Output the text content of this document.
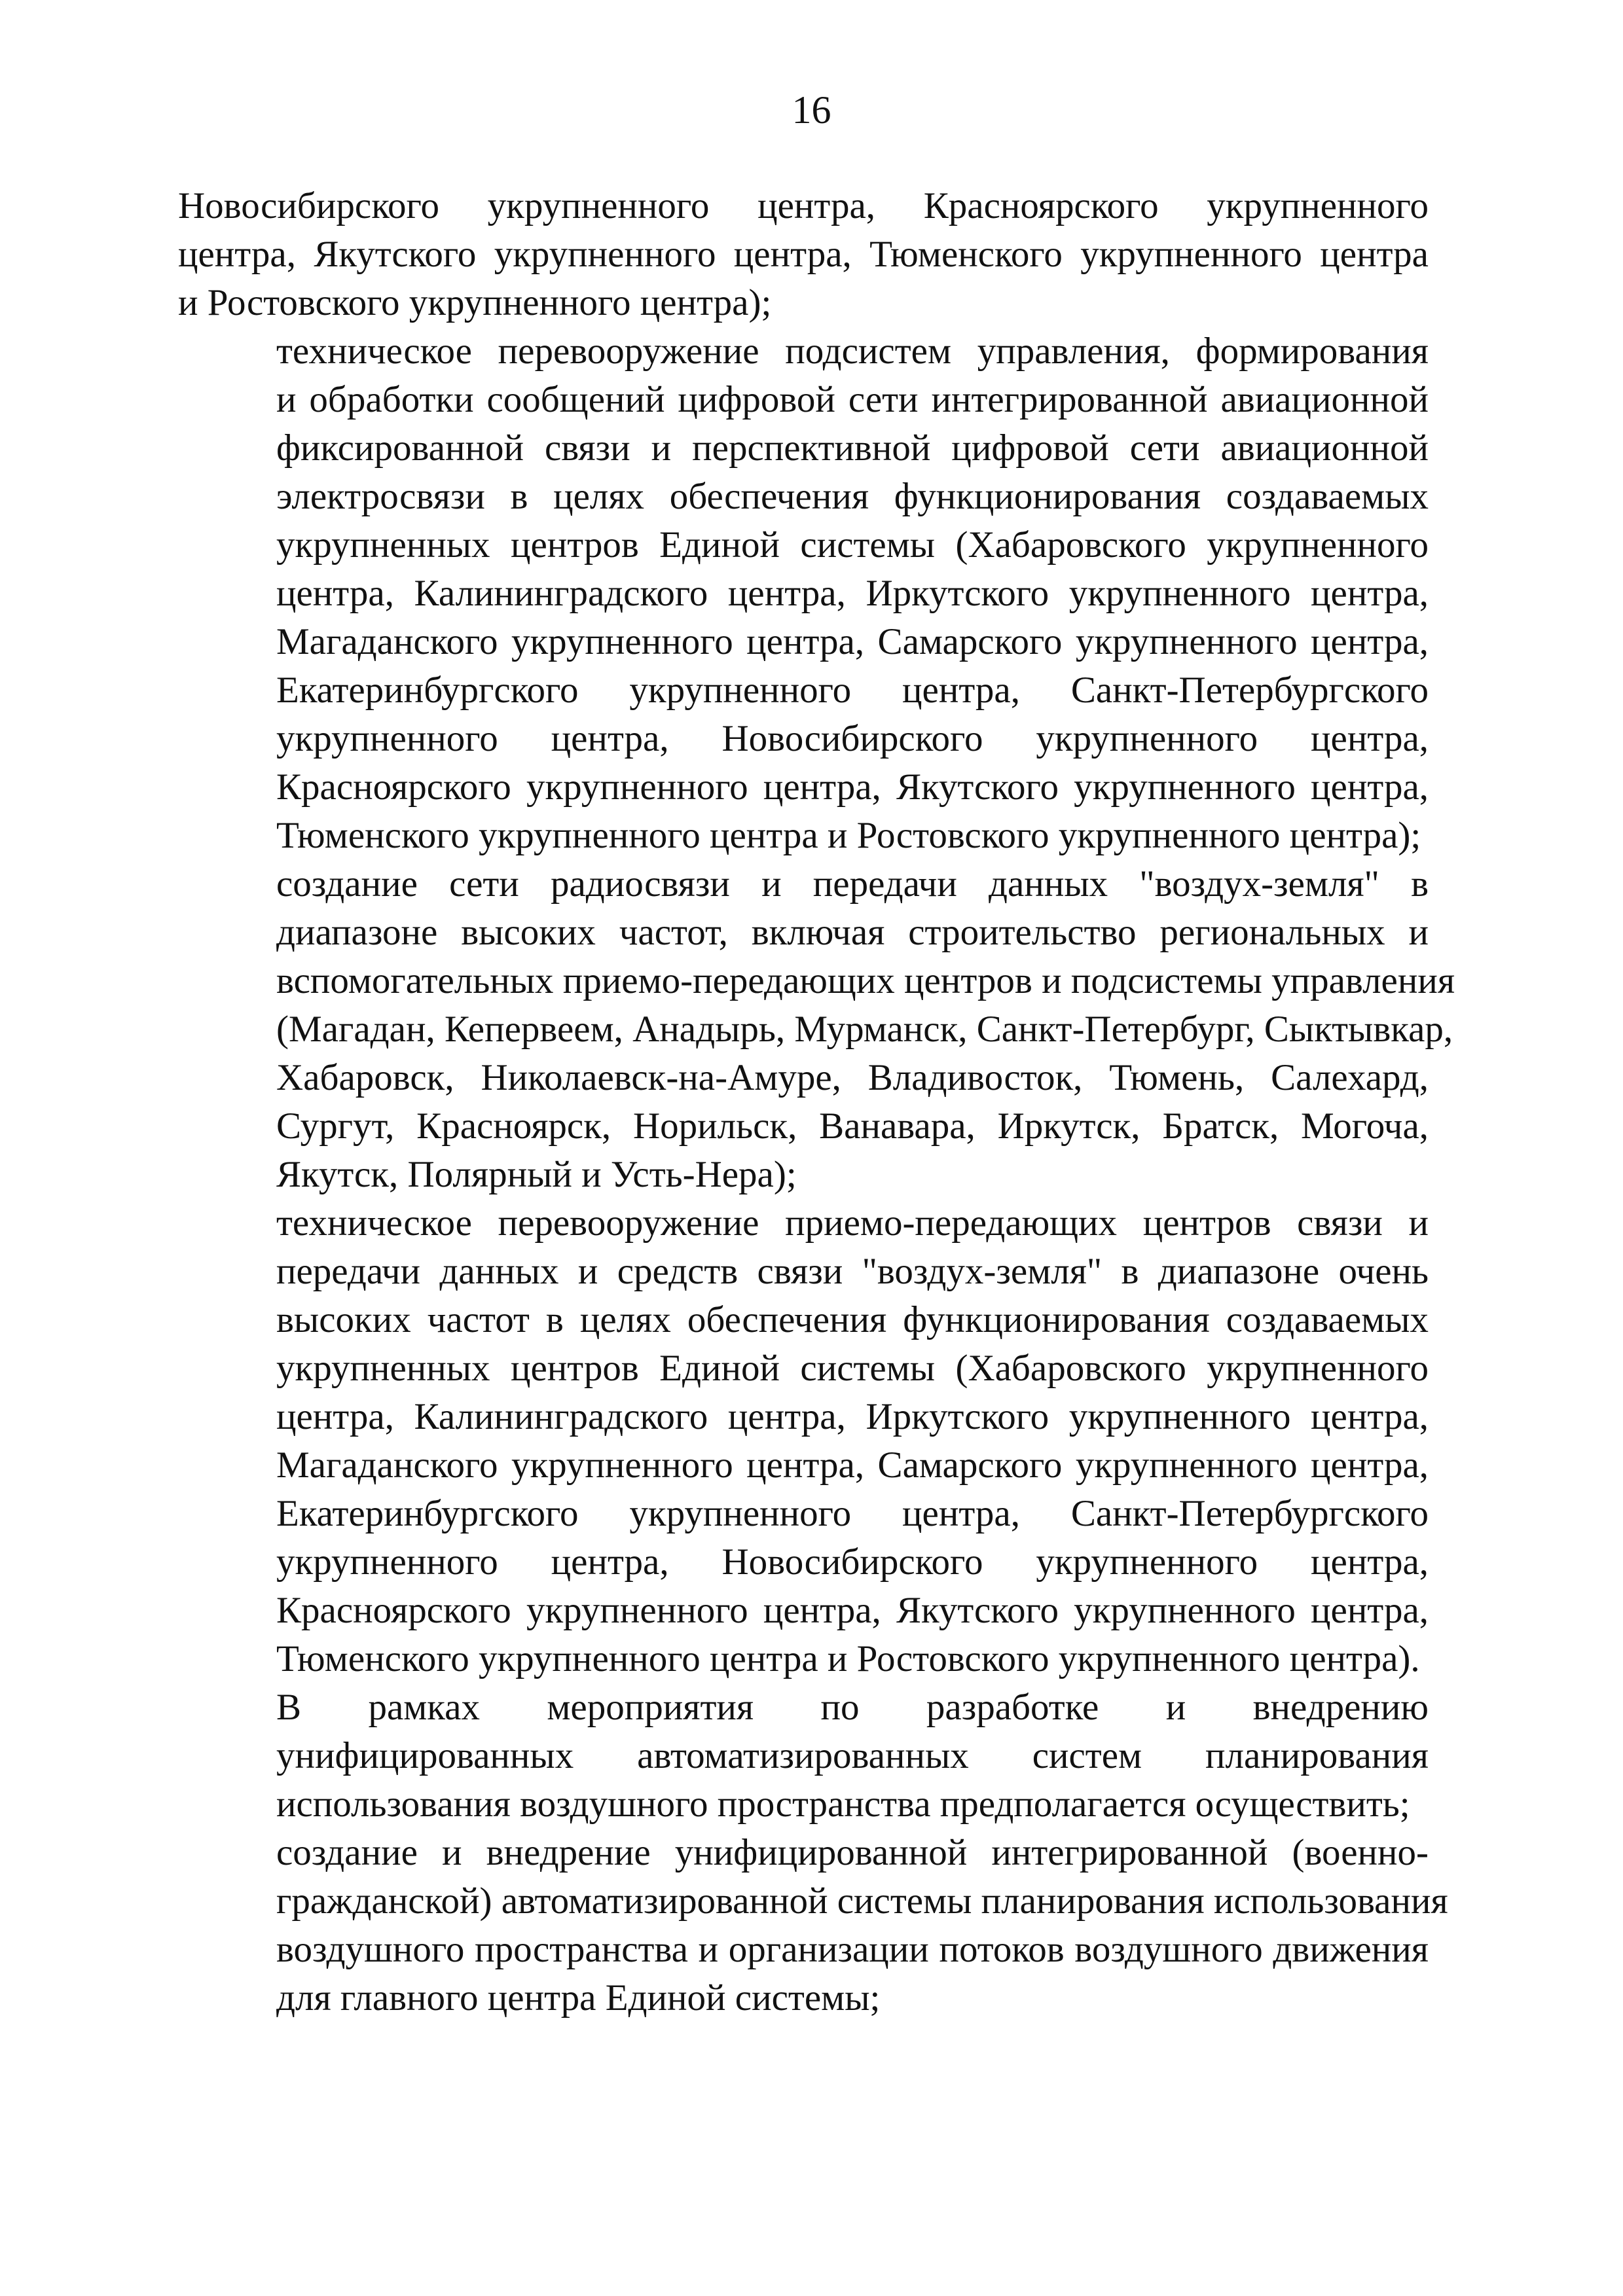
16

Новосибирского укрупненного центра, Красноярского укрупненного
центра, Якутского укрупненного центра, Тюменского укрупненного центра
и Ростовского укрупненного центра);

техническое перевооружение подсистем управления, формирования
и обработки сообщений цифровой сети интегрированной авиационной
фиксированной связи и перспективной цифровой сети авиационной
электросвязи в целях обеспечения функционирования создаваемых
укрупненных центров Единой системы (Хабаровского укрупненного
центра, Калининградского центра, Иркутского укрупненного центра,
Магаданского укрупненного центра, Самарского укрупненного центра,
Екатеринбургского укрупненного центра, Санкт-Петербургского
укрупненного центра, Новосибирского укрупненного центра,
Красноярского укрупненного центра, Якутского укрупненного центра,
Тюменского укрупненного центра и Ростовского укрупненного центра);

создание сети радиосвязи и передачи данных "воздух-земля" в
диапазоне высоких частот, включая строительство региональных и
вспомогательных приемо-передающих центров и подсистемы управления
(Магадан, Кепервеем, Анадырь, Мурманск, Санкт-Петербург, Сыктывкар,
Хабаровск, Николаевск-на-Амуре, Владивосток, Тюмень, Салехард,
Сургут, Красноярск, Норильск, Ванавара, Иркутск, Братск, Могоча,
Якутск, Полярный и Усть-Нера);

техническое перевооружение приемо-передающих центров связи и
передачи данных и средств связи "воздух-земля" в диапазоне очень
высоких частот в целях обеспечения функционирования создаваемых
укрупненных центров Единой системы (Хабаровского укрупненного
центра, Калининградского центра, Иркутского укрупненного центра,
Магаданского укрупненного центра, Самарского укрупненного центра,
Екатеринбургского укрупненного центра, Санкт-Петербургского
укрупненного центра, Новосибирского укрупненного центра,
Красноярского укрупненного центра, Якутского укрупненного центра,
Тюменского укрупненного центра и Ростовского укрупненного центра).

В рамках мероприятия по разработке и внедрению
унифицированных автоматизированных систем планирования
использования воздушного пространства предполагается осуществить;

создание и внедрение унифицированной интегрированной (военно-
гражданской) автоматизированной системы планирования использования
воздушного пространства и организации потоков воздушного движения
для главного центра Единой системы;
